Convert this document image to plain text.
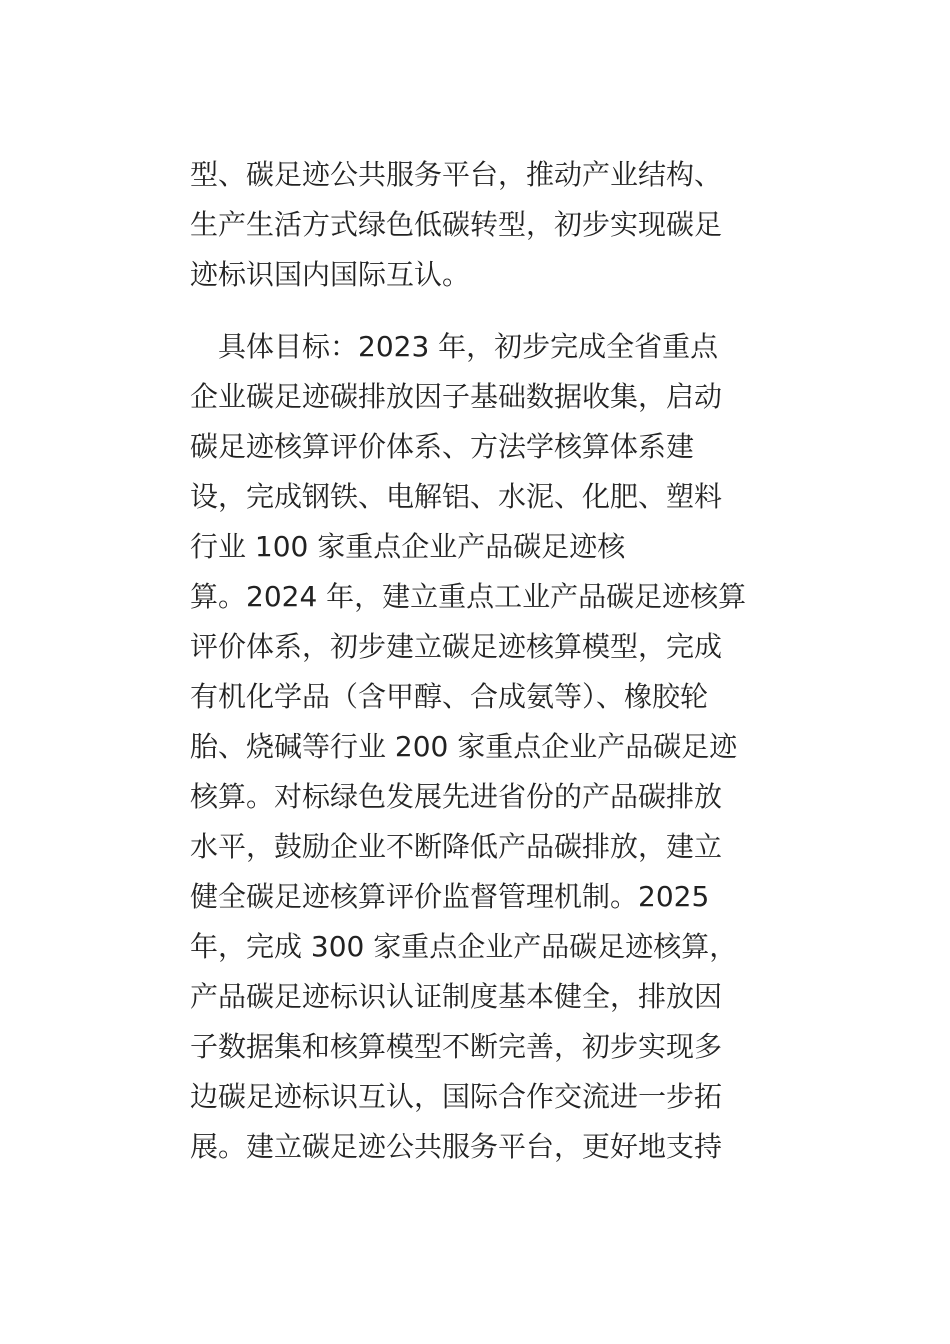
型、碳足迹公共服务平台，推动产业结构、
生产生活方式绿色低碳转型，初步实现碳足
迹标识国内国际互认。
　具体目标：2023 年，初步完成全省重点
企业碳足迹碳排放因子基础数据收集，启动
碳足迹核算评价体系、方法学核算体系建
设，完成钢铁、电解铝、水泥、化肥、塑料
行业 100 家重点企业产品碳足迹核
算。2024 年，建立重点工业产品碳足迹核算
评价体系，初步建立碳足迹核算模型，完成
有机化学品（含甲醇、合成氨等）、橡胶轮
胎、烧碱等行业 200 家重点企业产品碳足迹
核算。对标绿色发展先进省份的产品碳排放
水平，鼓励企业不断降低产品碳排放，建立
健全碳足迹核算评价监督管理机制。2025
年，完成 300 家重点企业产品碳足迹核算，
产品碳足迹标识认证制度基本健全，排放因
子数据集和核算模型不断完善，初步实现多
边碳足迹标识互认，国际合作交流进一步拓
展。建立碳足迹公共服务平台，更好地支持
